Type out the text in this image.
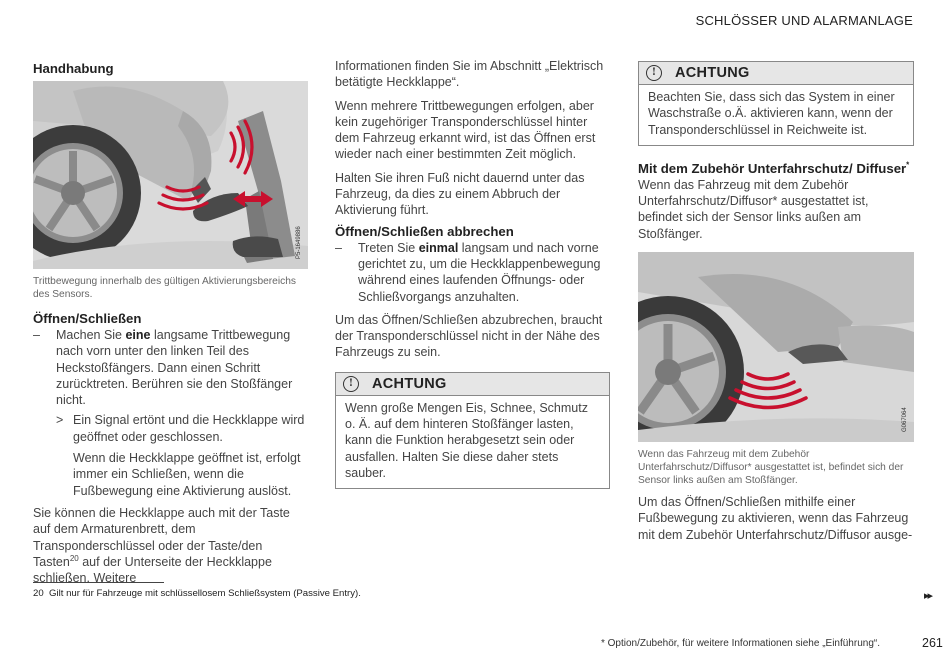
SCHLÖSSER UND ALARMANLAGE
Handhabung
P5-1649886
Trittbewegung innerhalb des gültigen Aktivierungsbereichs des Sensors.
Öffnen/Schließen
– Machen Sie eine langsame Trittbewegung nach vorn unter den linken Teil des Heckstoßfängers. Dann einen Schritt zurücktreten. Berühren sie den Stoßfänger nicht.
> Ein Signal ertönt und die Heckklappe wird geöffnet oder geschlossen.

Wenn die Heckklappe geöffnet ist, erfolgt immer ein Schließen, wenn die Fußbewegung eine Aktivierung auslöst.

Sie können die Heckklappe auch mit der Taste auf dem Armaturenbrett, dem Transponderschlüssel oder der Taste/den Tasten$^{20}$ auf der Unterseite der Heckklappe schließen. Weitere

Informationen finden Sie im Abschnitt „Elektrisch betätigte Heckklappe“.

Wenn mehrere Trittbewegungen erfolgen, aber kein zugehöriger Transponderschlüssel hinter dem Fahrzeug erkannt wird, ist das Öffnen erst wieder nach einer bestimmten Zeit möglich.

Halten Sie ihren Fuß nicht dauernd unter das Fahrzeug, da dies zu einem Abbruch der Aktivierung führt.

Öffnen/Schließen abbrechen
– Treten Sie einmal langsam und nach vorne gerichtet zu, um die Heckklappenbewegung während eines laufenden Öffnungs- oder Schließvorgangs anzuhalten.

Um das Öffnen/Schließen abzubrechen, braucht der Transponderschlüssel nicht in der Nähe des Fahrzeugs zu sein.

!	ACHTUNG
Wenn große Mengen Eis, Schnee, Schmutz o. Ä. auf dem hinteren Stoßfänger lasten, kann die Funktion herabgesetzt sein oder ausfallen. Halten Sie diese daher stets sauber.
!	ACHTUNG
Beachten Sie, dass sich das System in einer Waschstraße o.Ä. aktivieren kann, wenn der Transponderschlüssel in Reichweite ist.
Mit dem Zubehör Unterfahrschutz/ Diffuser*

Wenn das Fahrzeug mit dem Zubehör Unterfahrschutz/Diffusor* ausgestattet ist, befindet sich der Sensor links außen am Stoßfänger.

G067064
Wenn das Fahrzeug mit dem Zubehör Unterfahrschutz/Diffusor* ausgestattet ist, befindet sich der Sensor links außen am Stoßfänger.

Um das Öffnen/Schließen mithilfe einer Fußbewegung zu aktivieren, wenn das Fahrzeug mit dem Zubehör Unterfahrschutz/Diffusor ausge-

20 Gilt nur für Fahrzeuge mit schlüssellosem Schließsystem (Passive Entry).	▸▸
* Option/Zubehör, für weitere Informationen siehe „Einführung“.	261
